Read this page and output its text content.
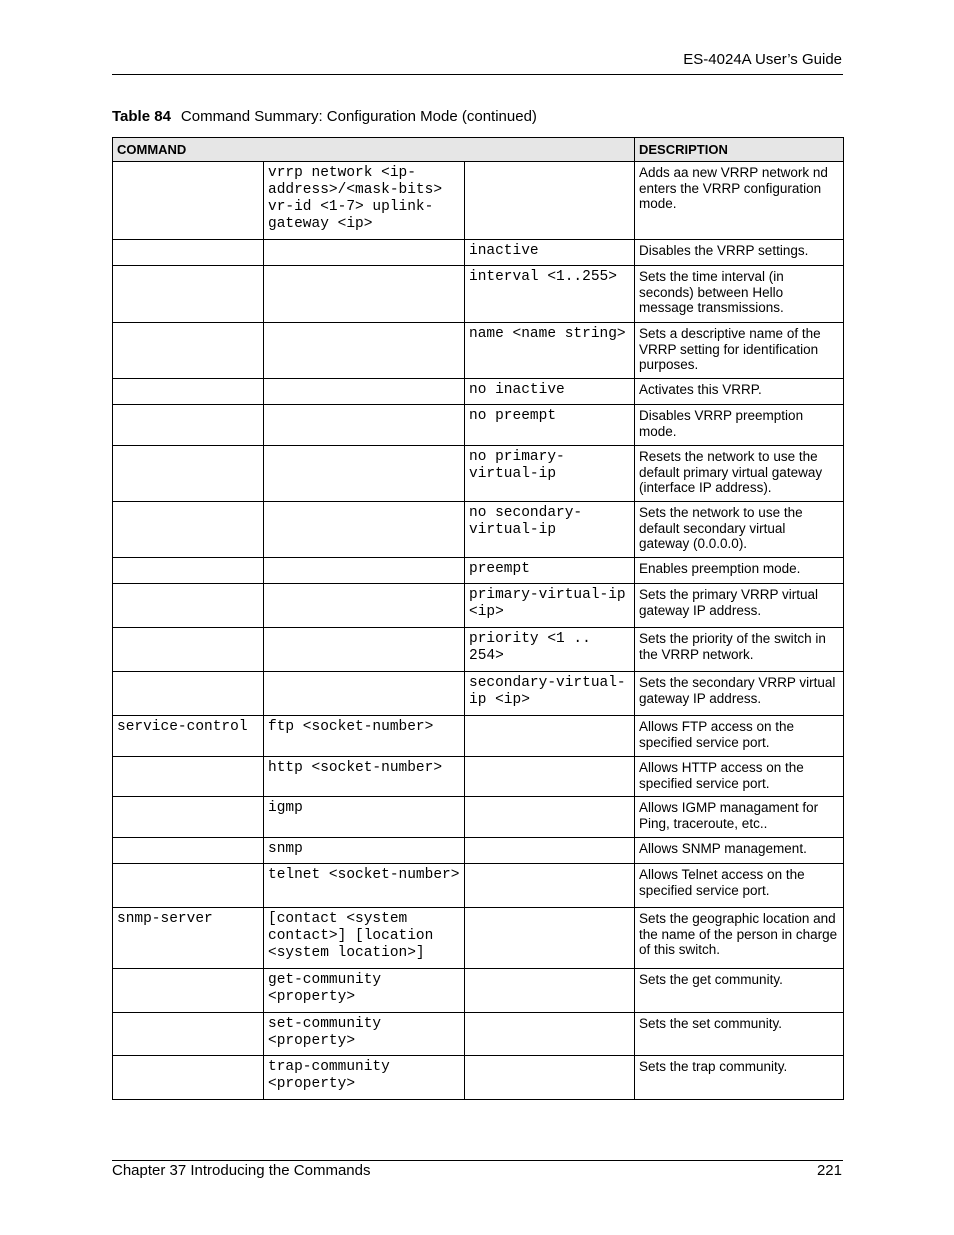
ES-4024A User’s Guide
Table 84 Command Summary: Configuration Mode (continued)
COMMAND			DESCRIPTION
	vrrp network <ip-address>/<mask-bits> vr-id <1-7> uplink-gateway <ip>		Adds aa new VRRP network nd enters the VRRP configuration mode.
		inactive	Disables the VRRP settings.
		interval <1..255>	Sets the time interval (in seconds) between Hello message transmissions.
		name <name string>	Sets a descriptive name of the VRRP setting for identification purposes.
		no inactive	Activates this VRRP.
		no preempt	Disables VRRP preemption mode.
		no primary-virtual-ip	Resets the network to use the default primary virtual gateway (interface IP address).
		no secondary-virtual-ip	Sets the network to use the default secondary virtual gateway (0.0.0.0).
		preempt	Enables preemption mode.
		primary-virtual-ip <ip>	Sets the primary VRRP virtual gateway IP address.
		priority <1 .. 254>	Sets the priority of the switch in the VRRP network.
		secondary-virtual-ip <ip>	Sets the secondary VRRP virtual gateway IP address.
service-control	ftp <socket-number>		Allows FTP access on the specified service port.
	http <socket-number>		Allows HTTP access on the specified service port.
	igmp		Allows IGMP managament for Ping, traceroute, etc..
	snmp		Allows SNMP management.
	telnet <socket-number>		Allows Telnet access on the specified service port.
snmp-server	[contact <system contact>] [location <system location>]		Sets the geographic location and the name of the person in charge of this switch.
	get-community <property>		Sets the get community.
	set-community <property>		Sets the set community.
	trap-community <property>		Sets the trap community.
Chapter 37 Introducing the Commands	221
